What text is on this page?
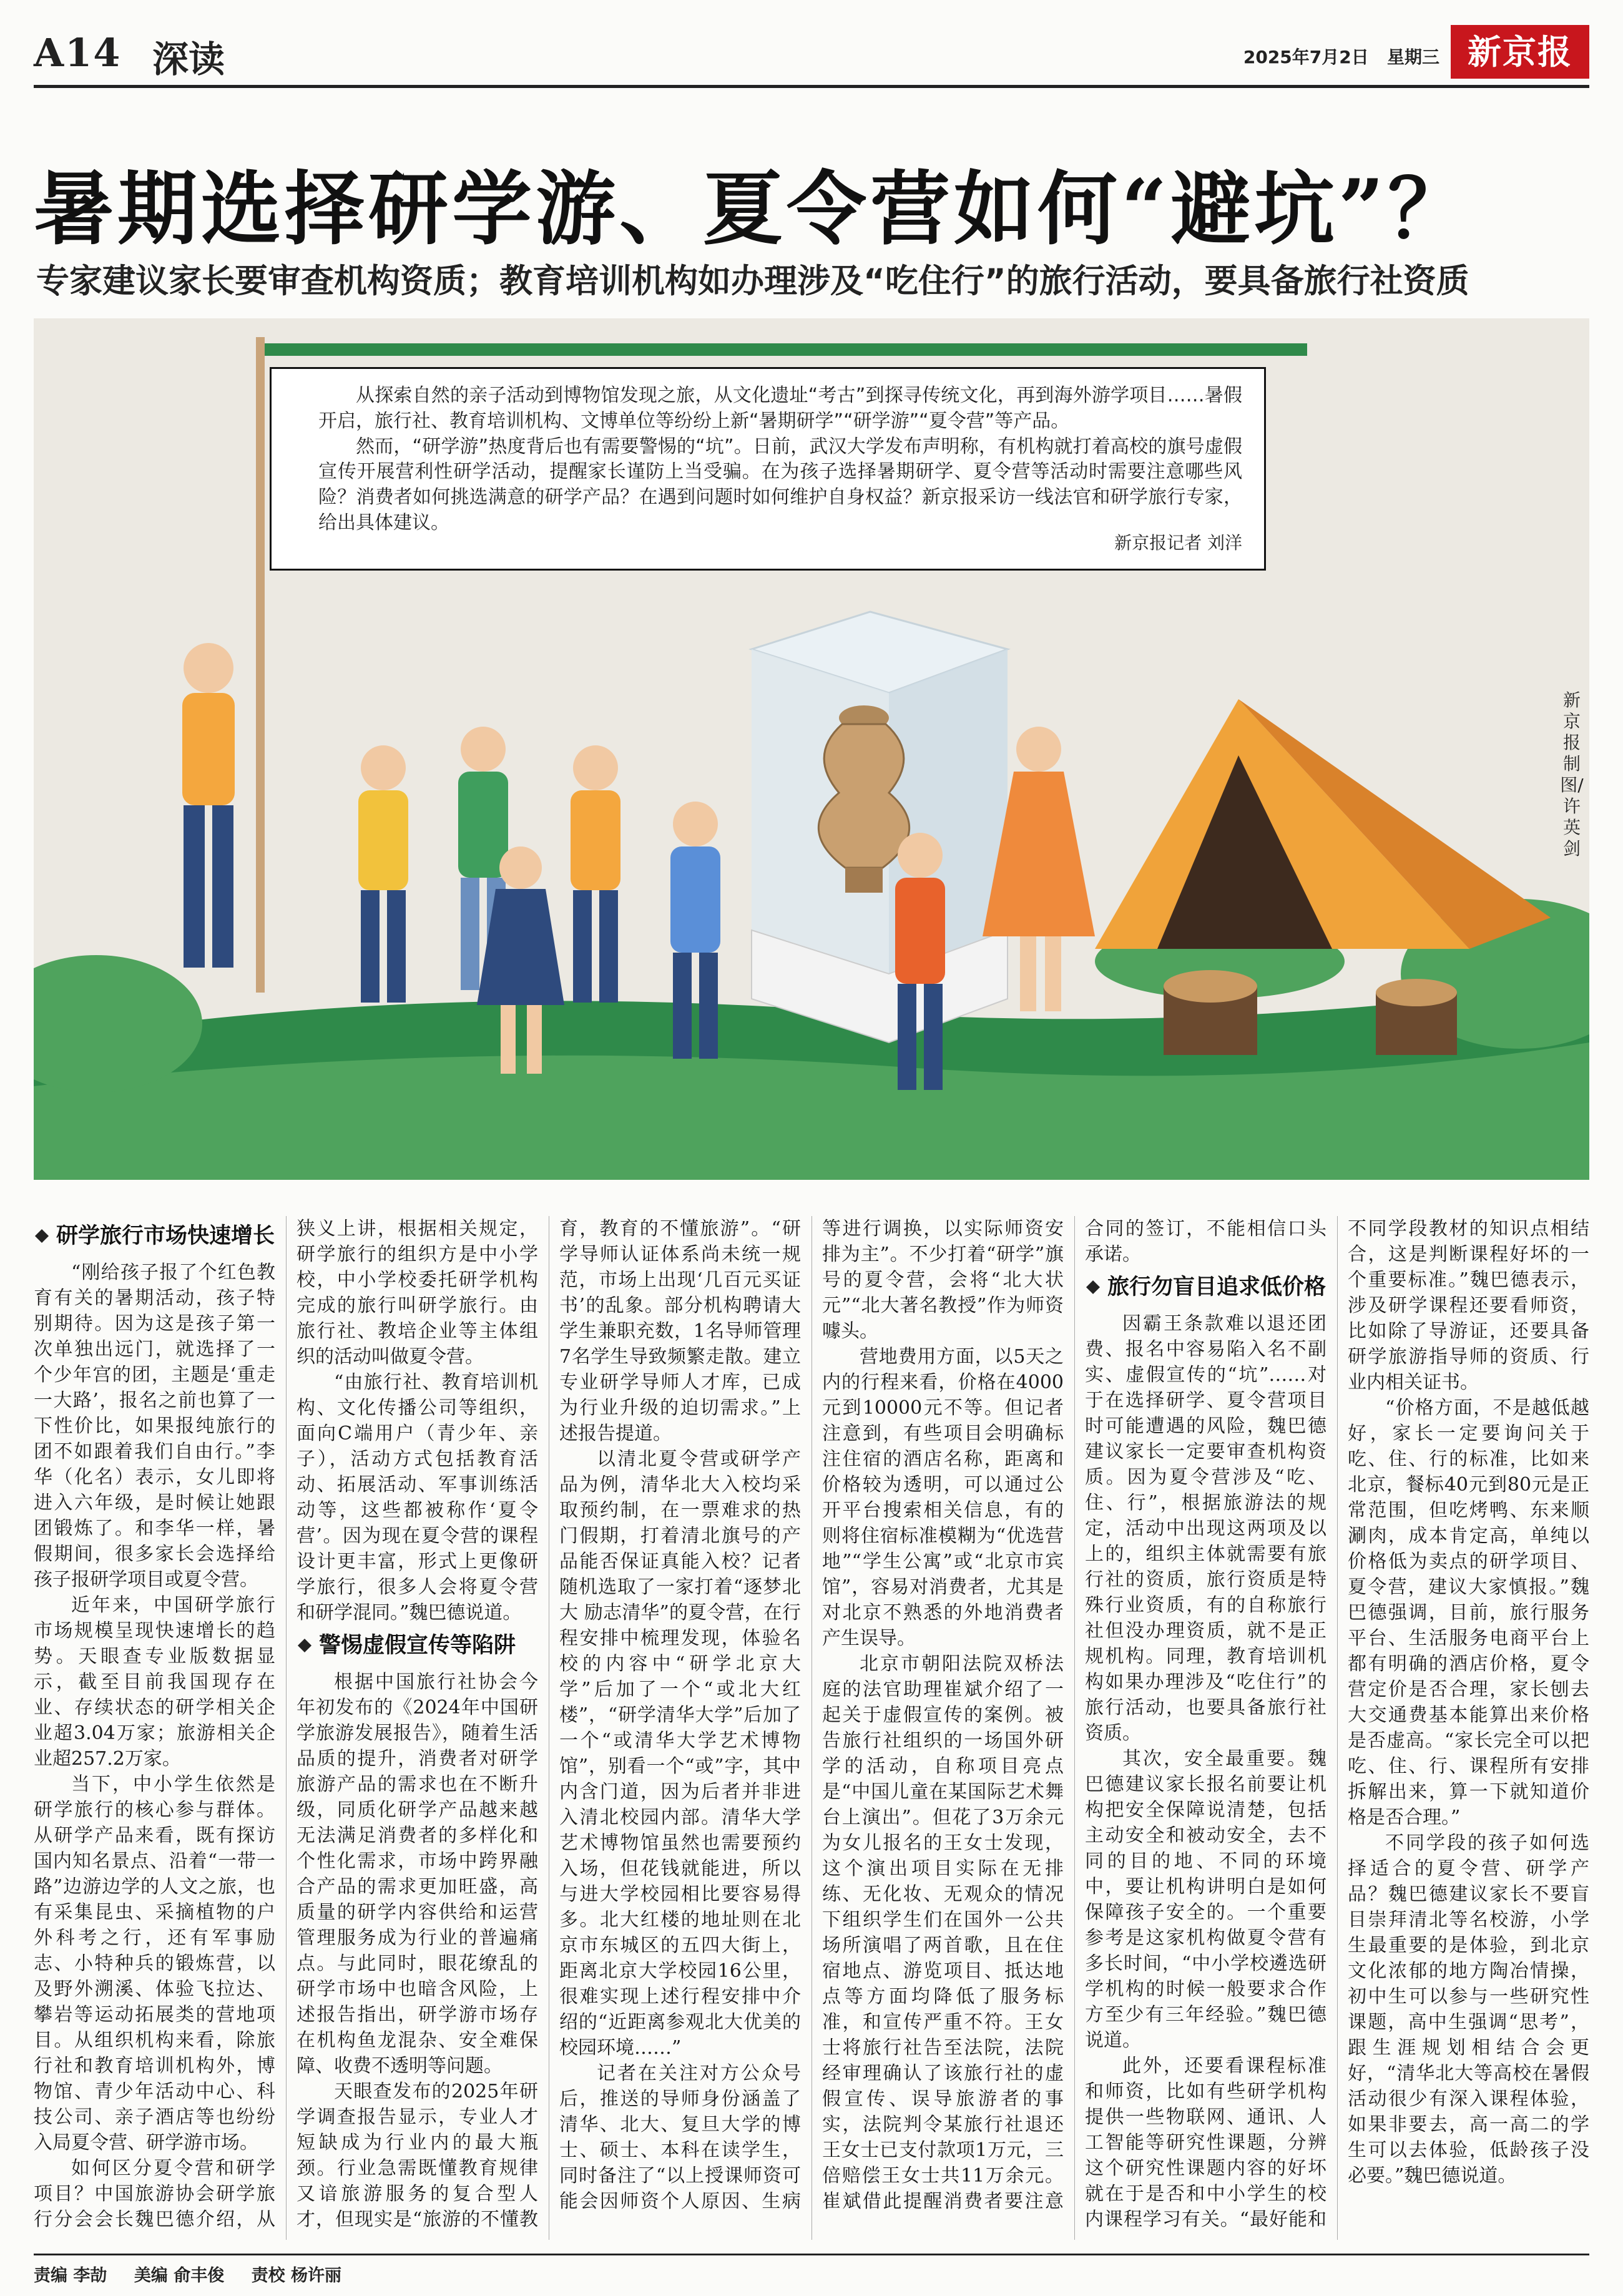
A14 深读	2025年7月2日   星期三 新京报
暑期选择研学游、夏令营如何“避坑”？
专家建议家长要审查机构资质；教育培训机构如办理涉及“吃住行”的旅行活动，要具备旅行社资质

从探索自然的亲子活动到博物馆发现之旅，从文化遗址“考古”到探寻传统文化，再到海外游学项目……暑假开启，旅行社、教育培训机构、文博单位等纷纷上新“暑期研学”“研学游”“夏令营”等产品。

然而，“研学游”热度背后也有需要警惕的“坑”。日前，武汉大学发布声明称，有机构就打着高校的旗号虚假宣传开展营利性研学活动，提醒家长谨防上当受骗。在为孩子选择暑期研学、夏令营等活动时需要注意哪些风险？消费者如何挑选满意的研学产品？在遇到问题时如何维护自身权益？新京报采访一线法官和研学旅行专家，给出具体建议。

新京报记者 刘洋
新京报制图/许英剑
研学旅行市场快速增长

“刚给孩子报了个红色教育有关的暑期活动，孩子特别期待。因为这是孩子第一次单独出远门，就选择了一个少年宫的团，主题是‘重走一大路’，报名之前也算了一下性价比，如果报纯旅行的团不如跟着我们自由行。”李华（化名）表示，女儿即将进入六年级，是时候让她跟团锻炼了。和李华一样，暑假期间，很多家长会选择给孩子报研学项目或夏令营。

近年来，中国研学旅行市场规模呈现快速增长的趋势。天眼查专业版数据显示，截至目前我国现存在业、存续状态的研学相关企业超3.04万家；旅游相关企业超257.2万家。

当下，中小学生依然是研学旅行的核心参与群体。从研学产品来看，既有探访国内知名景点、沿着“一带一路”边游边学的人文之旅，也有采集昆虫、采摘植物的户外科考之行，还有军事励志、小特种兵的锻炼营，以及野外溯溪、体验飞拉达、攀岩等运动拓展类的营地项目。从组织机构来看，除旅行社和教育培训机构外，博物馆、青少年活动中心、科技公司、亲子酒店等也纷纷入局夏令营、研学游市场。

如何区分夏令营和研学项目？中国旅游协会研学旅行分会会长魏巴德介绍，从狭义上讲，根据相关规定，研学旅行的组织方是中小学校，中小学校委托研学机构完成的旅行叫研学旅行。由旅行社、教培企业等主体组织的活动叫做夏令营。

“由旅行社、教育培训机构、文化传播公司等组织，面向C端用户（青少年、亲子），活动方式包括教育活动、拓展活动、军事训练活动等，这些都被称作‘夏令营’。因为现在夏令营的课程设计更丰富，形式上更像研学旅行，很多人会将夏令营和研学混同。”魏巴德说道。

警惕虚假宣传等陷阱

根据中国旅行社协会今年初发布的《2024年中国研学旅游发展报告》，随着生活品质的提升，消费者对研学旅游产品的需求也在不断升级，同质化研学产品越来越无法满足消费者的多样化和个性化需求，市场中跨界融合产品的需求更加旺盛，高质量的研学内容供给和运营管理服务成为行业的普遍痛点。与此同时，眼花缭乱的研学市场中也暗含风险，上述报告指出，研学游市场存在机构鱼龙混杂、安全难保障、收费不透明等问题。

天眼查发布的2025年研学调查报告显示，专业人才短缺成为行业内的最大瓶颈。行业急需既懂教育规律又谙旅游服务的复合型人才，但现实是“旅游的不懂教育，教育的不懂旅游”。“研学导师认证体系尚未统一规范，市场上出现‘几百元买证书’的乱象。部分机构聘请大学生兼职充数，1名导师管理7名学生导致频繁走散。建立专业研学导师人才库，已成为行业升级的迫切需求。”上述报告提道。

以清北夏令营或研学产品为例，清华北大入校均采取预约制，在一票难求的热门假期，打着清北旗号的产品能否保证真能入校？记者随机选取了一家打着“逐梦北大 励志清华”的夏令营，在行程安排中梳理发现，体验名校的内容中“研学北京大学”后加了一个“或北大红楼”，“研学清华大学”后加了一个“或清华大学艺术博物馆”，别看一个“或”字，其中内含门道，因为后者并非进入清北校园内部。清华大学艺术博物馆虽然也需要预约入场，但花钱就能进，所以与进大学校园相比要容易得多。北大红楼的地址则在北京市东城区的五四大街上，距离北京大学校园16公里，很难实现上述行程安排中介绍的“近距离参观北大优美的校园环境……”

记者在关注对方公众号后，推送的导师身份涵盖了清华、北大、复旦大学的博士、硕士、本科在读学生，同时备注了“以上授课师资可能会因师资个人原因、生病等进行调换，以实际师资安排为主”。不少打着“研学”旗号的夏令营，会将“北大状元”“北大著名教授”作为师资噱头。

营地费用方面，以5天之内的行程来看，价格在4000元到10000元不等。但记者注意到，有些项目会明确标注住宿的酒店名称，距离和价格较为透明，可以通过公开平台搜索相关信息，有的则将住宿标准模糊为“优选营地”“学生公寓”或“北京市宾馆”，容易对消费者，尤其是对北京不熟悉的外地消费者产生误导。

北京市朝阳法院双桥法庭的法官助理崔斌介绍了一起关于虚假宣传的案例。被告旅行社组织的一场国外研学的活动，自称项目亮点是“中国儿童在某国际艺术舞台上演出”。但花了3万余元为女儿报名的王女士发现，这个演出项目实际在无排练、无化妆、无观众的情况下组织学生们在国外一公共场所演唱了两首歌，且在住宿地点、游览项目、抵达地点等方面均降低了服务标准，和宣传严重不符。王女士将旅行社告至法院，法院经审理确认了该旅行社的虚假宣传、误导旅游者的事实，法院判令某旅行社退还王女士已支付款项1万元，三倍赔偿王女士共11万余元。崔斌借此提醒消费者要注意合同的签订，不能相信口头承诺。

旅行勿盲目追求低价格

因霸王条款难以退还团费、报名中容易陷入名不副实、虚假宣传的“坑”……对于在选择研学、夏令营项目时可能遭遇的风险，魏巴德建议家长一定要审查机构资质。因为夏令营涉及“吃、住、行”，根据旅游法的规定，活动中出现这两项及以上的，组织主体就需要有旅行社的资质，旅行资质是特殊行业资质，有的自称旅行社但没办理资质，就不是正规机构。同理，教育培训机构如果办理涉及“吃住行”的旅行活动，也要具备旅行社资质。

其次，安全最重要。魏巴德建议家长报名前要让机构把安全保障说清楚，包括主动安全和被动安全，去不同的目的地、不同的环境中，要让机构讲明白是如何保障孩子安全的。一个重要参考是这家机构做夏令营有多长时间，“中小学校遴选研学机构的时候一般要求合作方至少有三年经验。”魏巴德说道。

此外，还要看课程标准和师资，比如有些研学机构提供一些物联网、通讯、人工智能等研究性课题，分辨这个研究性课题内容的好坏就在于是否和中小学生的校内课程学习有关。“最好能和不同学段教材的知识点相结合，这是判断课程好坏的一个重要标准。”魏巴德表示，涉及研学课程还要看师资，比如除了导游证，还要具备研学旅游指导师的资质、行业内相关证书。

“价格方面，不是越低越好，家长一定要询问关于吃、住、行的标准，比如来北京，餐标40元到80元是正常范围，但吃烤鸭、东来顺涮肉，成本肯定高，单纯以价格低为卖点的研学项目、夏令营，建议大家慎报。”魏巴德强调，目前，旅行服务平台、生活服务电商平台上都有明确的酒店价格，夏令营定价是否合理，家长刨去大交通费基本能算出来价格是否虚高。“家长完全可以把吃、住、行、课程所有安排拆解出来，算一下就知道价格是否合理。”

不同学段的孩子如何选择适合的夏令营、研学产品？魏巴德建议家长不要盲目崇拜清北等名校游，小学生最重要的是体验，到北京文化浓郁的地方陶冶情操，初中生可以参与一些研究性课题，高中生强调“思考”，跟生涯规划相结合会更好，“清华北大等高校在暑假活动很少有深入课程体验，如果非要去，高一高二的学生可以去体验，低龄孩子没必要。”魏巴德说道。

责编 李劼 美编 俞丰俊 责校 杨许丽
